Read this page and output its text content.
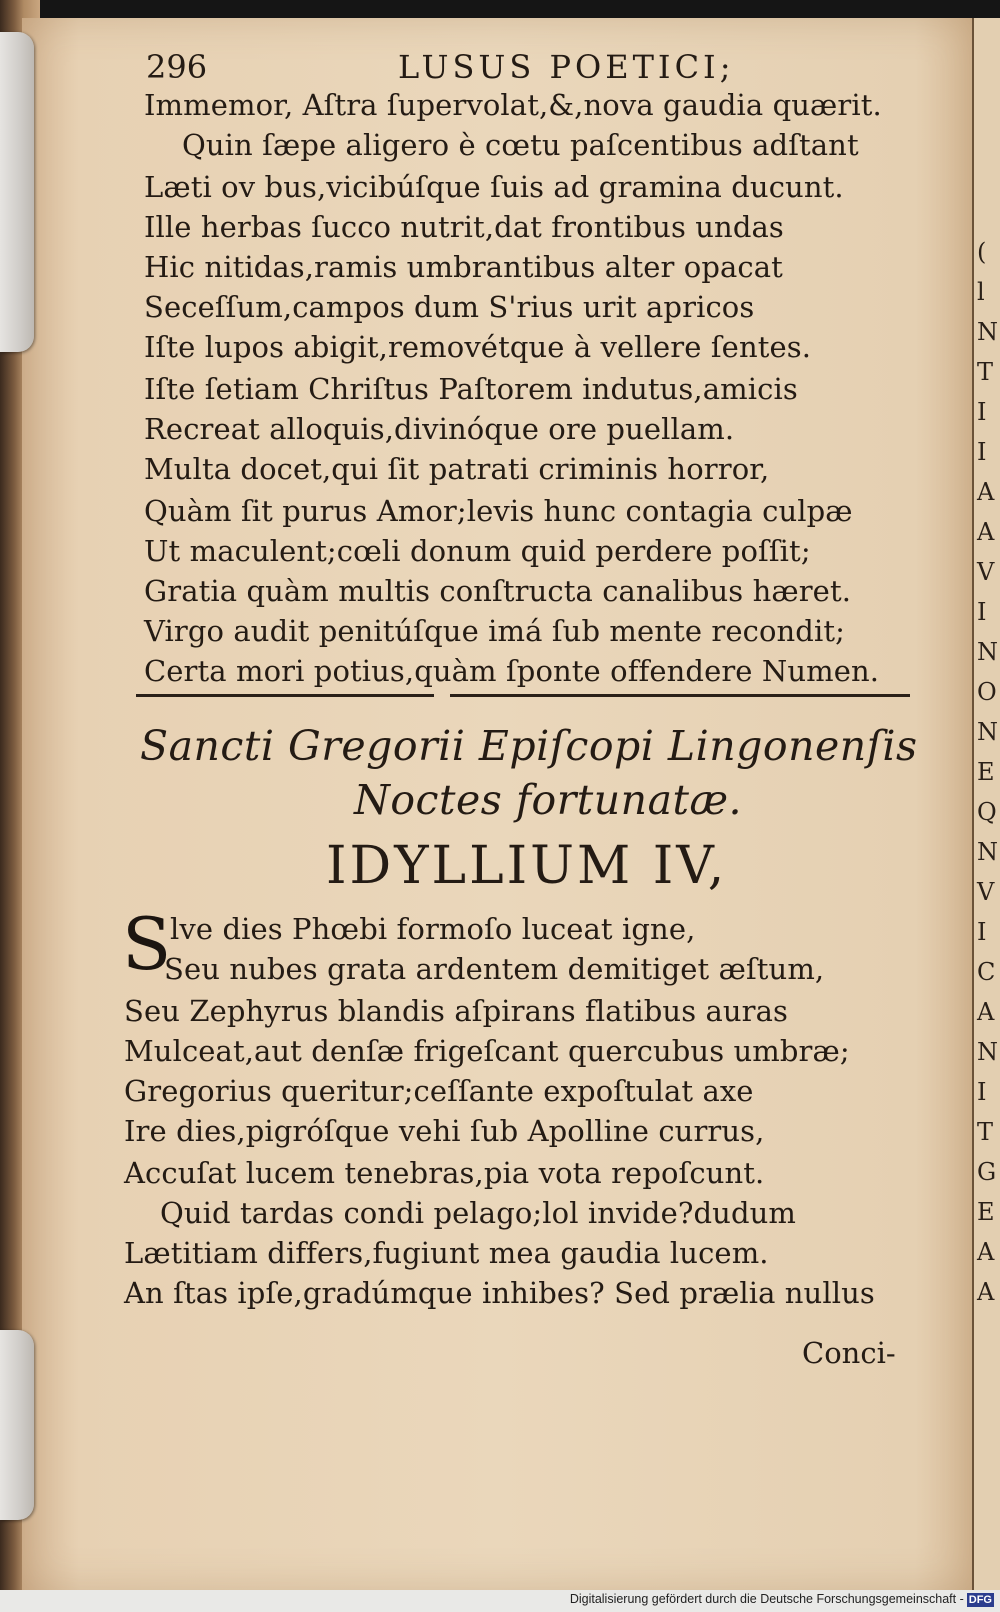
(
l
N
T
I
I
A
A
V
I
N
O
N
E
Q
N
V
I
C
A
N
I
T
G
E
A
A
296	LUSUS POETICI;
Immemor, Aſtra ſupervolat,&,nova gaudia quærit.
Quin ſæpe aligero è cœtu paſcentibus adſtant
Læti ov bus,vicibúſque ſuis ad gramina ducunt.
Ille herbas ſucco nutrit,dat frontibus undas
Hic nitidas,ramis umbrantibus alter opacat
Seceſſum,campos dum S'rius urit apricos
Iſte lupos abigit,removétque à vellere ſentes.
Iſte ſetiam Chriſtus Paſtorem indutus,amicis
Recreat alloquis,divinóque ore puellam.
Multa docet,qui ſit patrati criminis horror,
Quàm ſit purus Amor;levis hunc contagia culpæ
Ut maculent;cœli donum quid perdere poſſit;
Gratia quàm multis conſtructa canalibus hæret.
Virgo audit penitúſque imá ſub mente recondit;
Certa mori potius,quàm ſponte offendere Numen.
Sancti Gregorii Epiſcopi Lingonenſis
Noctes fortunatæ.
IDYLLIUM IV,
S
lve dies Phœbi formoſo luceat igne,
Seu nubes grata ardentem demitiget æſtum,
Seu Zephyrus blandis aſpirans flatibus auras
Mulceat,aut denſæ frigeſcant quercubus umbræ;
Gregorius queritur;ceſſante expoſtulat axe
Ire dies,pigróſque vehi ſub Apolline currus,
Accuſat lucem tenebras,pia vota repoſcunt.
Quid tardas condi pelago;lol invide?dudum
Lætitiam differs,fugiunt mea gaudia lucem.
An ſtas ipſe,gradúmque inhibes? Sed prælia nullus
Conci-
Digitalisierung gefördert durch die Deutsche Forschungsgemeinschaft - DFG
